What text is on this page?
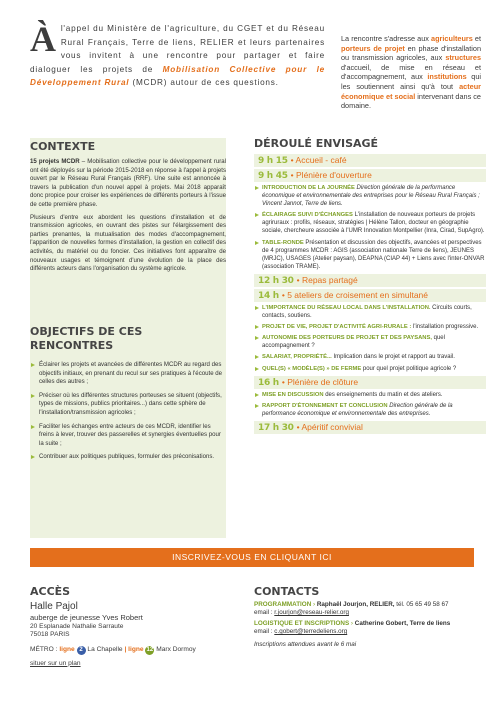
À l'appel du Ministère de l'agriculture, du CGET et du Réseau Rural Français, Terre de liens, RELIER et leurs partenaires vous invitent à une rencontre pour partager et faire dialoguer les projets de Mobilisation Collective pour le Développement Rural (MCDR) autour de ces questions.
La rencontre s'adresse aux agriculteurs et porteurs de projet en phase d'installation ou transmission agricoles, aux structures d'accueil, de mise en réseau et d'accompagnement, aux institutions qui les soutiennent ainsi qu'à tout acteur économique et social intervenant dans ce domaine.
CONTEXTE

15 projets MCDR – Mobilisation collective pour le développement rural ont été déployés sur la période 2015-2018 en réponse à l'appel à projets ouvert par le Réseau Rural Français (RRF). Une suite est annoncée à travers la publication d'un nouvel appel à projets. Mai 2018 apparaît donc propice pour croiser les expériences de différents porteurs à l'issue de cette première phase.

Plusieurs d'entre eux abordent les questions d'installation et de transmission agricoles, en ouvrant des pistes sur l'élargissement des parties prenantes, la mutualisation des modes d'accompagnement, l'apparition de nouvelles formes d'installation, la gestion en collectif des activités, du matériel ou du foncier. Ces initiatives font apparaître de nouveaux usages et témoignent d'une évolution de la place des différents acteurs dans l'organisation du système agricole.

OBJECTIFS DE CES
RENCONTRES
Éclairer les projets et avancées de différentes MCDR au regard des objectifs initiaux, en prenant du recul sur ses pratiques à l'écoute de celles des autres ;
Préciser où les différentes structures porteuses se situent (objectifs, types de missions, publics prioritaires...) dans cette sphère de l'installation/transmission agricoles ;
Faciliter les échanges entre acteurs de ces MCDR, identifier les freins à lever, trouver des passerelles et synergies éventuelles pour la suite ;
Contribuer aux politiques publiques, formuler des préconisations.
DÉROULÉ ENVISAGÉ
9 h 15 • Accueil - café
9 h 45 • Plénière d'ouverture
INTRODUCTION DE LA JOURNÉE Direction générale de la performance économique et environnementale des entreprises pour le Réseau Rural Français ; Vincent Jannot, Terre de liens.
ÉCLAIRAGE SUIVI D'ÉCHANGES L'installation de nouveaux porteurs de projets agriruraux : profils, réseaux, stratégies | Hélène Tallon, docteur en géographie sociale, chercheure associée à l'UMR Innovation Montpellier (Inra, Cirad, SupAgro).
TABLE-RONDE Présentation et discussion des objectifs, avancées et perspectives de 4 programmes MCDR : AGIS (association nationale Terre de liens), JEUNES (MRJC), USAGES (Atelier paysan), DEAPNA (CIAP 44) + Liens avec l'inter-ONVAR (association TRAME).
12 h 30 • Repas partagé
14 h • 5 ateliers de croisement en simultané
L'IMPORTANCE DU RÉSEAU LOCAL DANS L'INSTALLATION. Circuits courts, contacts, soutiens.
PROJET DE VIE, PROJET D'ACTIVITÉ AGRI-RURALE : l'installation progressive.
AUTONOMIE DES PORTEURS DE PROJET ET DES PAYSANS, quel accompagnement ?
SALARIAT, PROPRIÉTÉ... Implication dans le projet et rapport au travail.
QUEL(S) « MODÈLE(S) » DE FERME pour quel projet politique agricole ?
16 h • Plénière de clôture
MISE EN DISCUSSION des enseignements du matin et des ateliers.
RAPPORT D'ÉTONNEMENT ET CONCLUSION Direction générale de la performance économique et environnementale des entreprises.
17 h 30 • Apéritif convivial
INSCRIVEZ-VOUS EN CLIQUANT ICI
ACCÈS
Halle Pajol
auberge de jeunesse Yves Robert
20 Esplanade Nathalie Sarraute
75018 PARIS
MÉTRO : ligne 2 La Chapelle | ligne 12 Marx Dormoy
situer sur un plan
CONTACTS
PROGRAMMATION › Raphaël Jourjon, RELIER, tél. 05 65 49 58 67
email : r.jourjon@reseau-relier.org
LOGISTIQUE ET INSCRIPTIONS › Catherine Gobert, Terre de liens
email : c.gobert@terredeliens.org
Inscriptions attendues avant le 6 mai
